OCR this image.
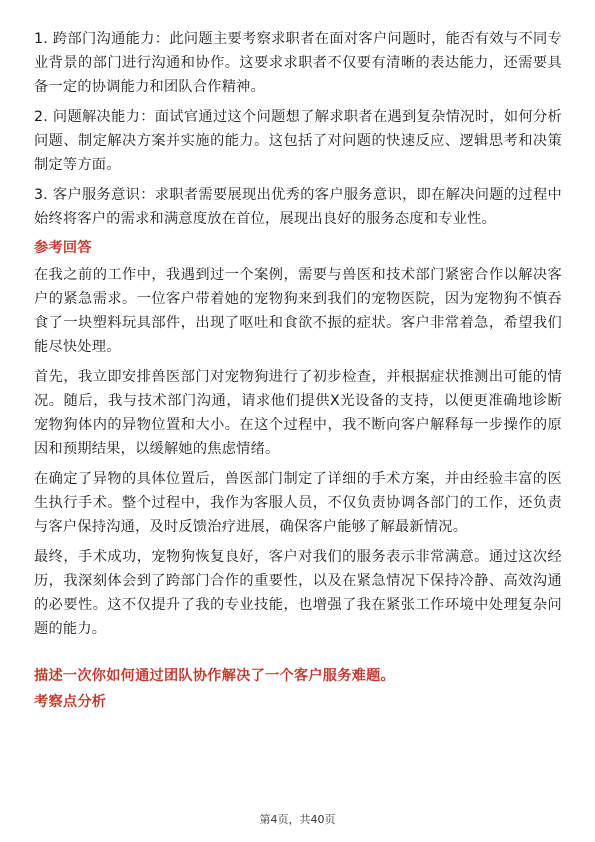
1. 跨部门沟通能力：此问题主要考察求职者在面对客户问题时，能否有效与不同专业背景的部门进行沟通和协作。这要求求职者不仅要有清晰的表达能力，还需要具备一定的协调能力和团队合作精神。

2. 问题解决能力：面试官通过这个问题想了解求职者在遇到复杂情况时，如何分析问题、制定解决方案并实施的能力。这包括了对问题的快速反应、逻辑思考和决策制定等方面。

3. 客户服务意识：求职者需要展现出优秀的客户服务意识，即在解决问题的过程中始终将客户的需求和满意度放在首位，展现出良好的服务态度和专业性。

参考回答

在我之前的工作中，我遇到过一个案例，需要与兽医和技术部门紧密合作以解决客户的紧急需求。一位客户带着她的宠物狗来到我们的宠物医院，因为宠物狗不慎吞食了一块塑料玩具部件，出现了呕吐和食欲不振的症状。客户非常着急，希望我们能尽快处理。

首先，我立即安排兽医部门对宠物狗进行了初步检查，并根据症状推测出可能的情况。随后，我与技术部门沟通，请求他们提供X光设备的支持，以便更准确地诊断宠物狗体内的异物位置和大小。在这个过程中，我不断向客户解释每一步操作的原因和预期结果，以缓解她的焦虑情绪。

在确定了异物的具体位置后，兽医部门制定了详细的手术方案，并由经验丰富的医生执行手术。整个过程中，我作为客服人员，不仅负责协调各部门的工作，还负责与客户保持沟通，及时反馈治疗进展，确保客户能够了解最新情况。

最终，手术成功，宠物狗恢复良好，客户对我们的服务表示非常满意。通过这次经历，我深刻体会到了跨部门合作的重要性，以及在紧急情况下保持冷静、高效沟通的必要性。这不仅提升了我的专业技能，也增强了我在紧张工作环境中处理复杂问题的能力。

描述一次你如何通过团队协作解决了一个客户服务难题。
考察点分析
第4页，共40页
